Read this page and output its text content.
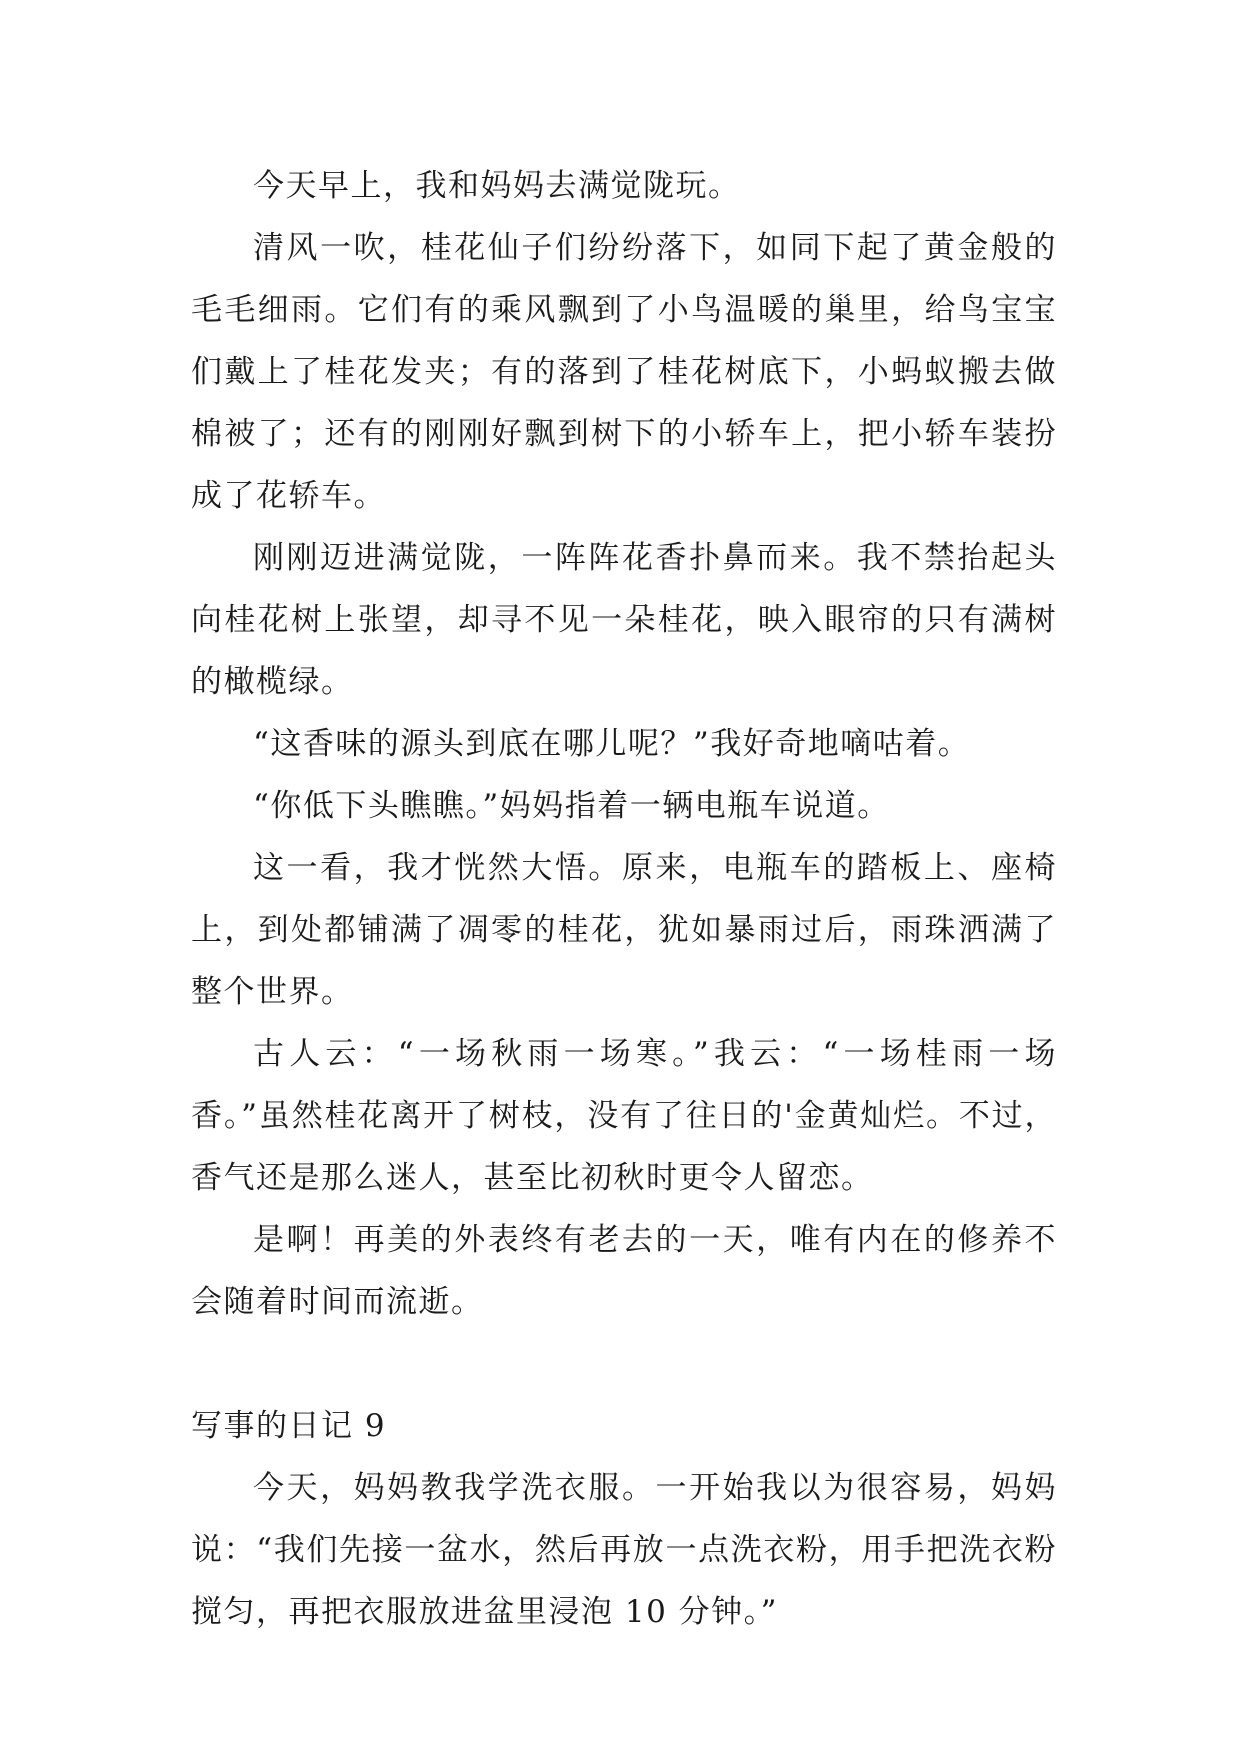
今天早上，我和妈妈去满觉陇玩。

清风一吹，桂花仙子们纷纷落下，如同下起了黄金般的毛毛细雨。它们有的乘风飘到了小鸟温暖的巢里，给鸟宝宝们戴上了桂花发夹；有的落到了桂花树底下，小蚂蚁搬去做棉被了；还有的刚刚好飘到树下的小轿车上，把小轿车装扮成了花轿车。

刚刚迈进满觉陇，一阵阵花香扑鼻而来。我不禁抬起头向桂花树上张望，却寻不见一朵桂花，映入眼帘的只有满树的橄榄绿。

“这香味的源头到底在哪儿呢？”我好奇地嘀咕着。

“你低下头瞧瞧。”妈妈指着一辆电瓶车说道。

这一看，我才恍然大悟。原来，电瓶车的踏板上、座椅上，到处都铺满了凋零的桂花，犹如暴雨过后，雨珠洒满了整个世界。

古人云：“一场秋雨一场寒。”我云：“一场桂雨一场香。”虽然桂花离开了树枝，没有了往日的'金黄灿烂。不过，香气还是那么迷人，甚至比初秋时更令人留恋。

是啊！再美的外表终有老去的一天，唯有内在的修养不会随着时间而流逝。

写事的日记 9

今天，妈妈教我学洗衣服。一开始我以为很容易，妈妈说：“我们先接一盆水，然后再放一点洗衣粉，用手把洗衣粉搅匀，再把衣服放进盆里浸泡 10 分钟。”
